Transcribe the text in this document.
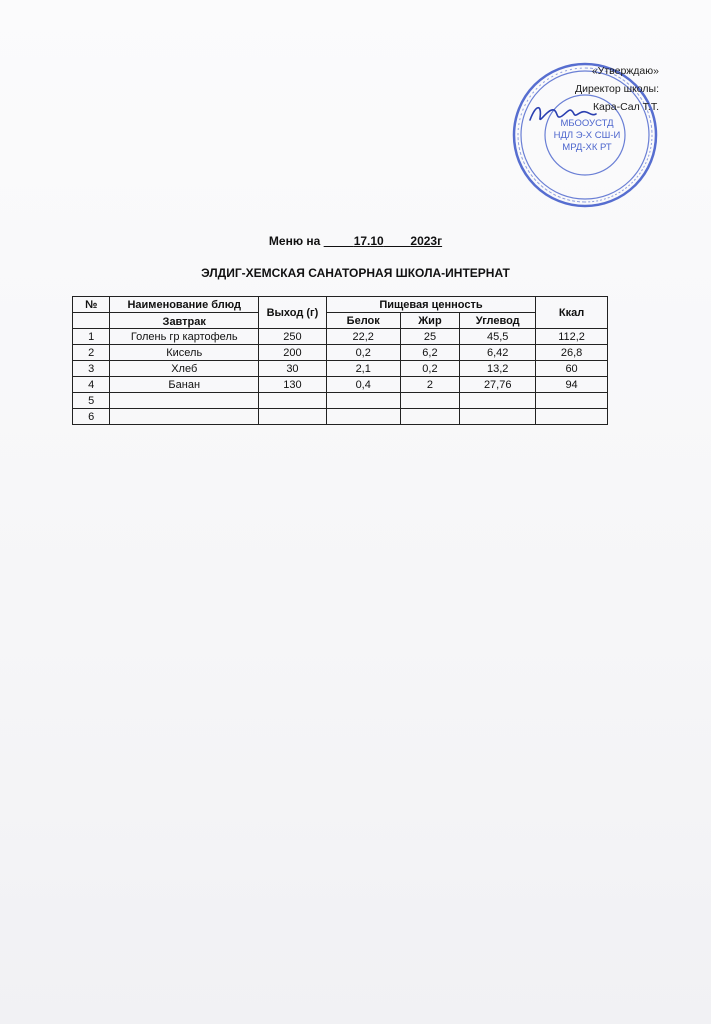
МБООУСТД
НДЛ Э-Х СШ-И
МРД-ХК РТ
«Утверждаю»
Директор школы:
Кара-Сал Т.Т.
Меню на	17.10 2023г
ЭЛДИГ-ХЕМСКАЯ САНАТОРНАЯ ШКОЛА-ИНТЕРНАТ
№	Наименование блюд	Выход (г)	Пищевая ценность			Ккал
	Завтрак		Белок	Жир	Углевод	

1	Голень гр картофель	250	22,2	25	45,5	112,2
2	Кисель	200	0,2	6,2	6,42	26,8
3	Хлеб	30	2,1	0,2	13,2	60
4	Банан	130	0,4	2	27,76	94
5						
6						
